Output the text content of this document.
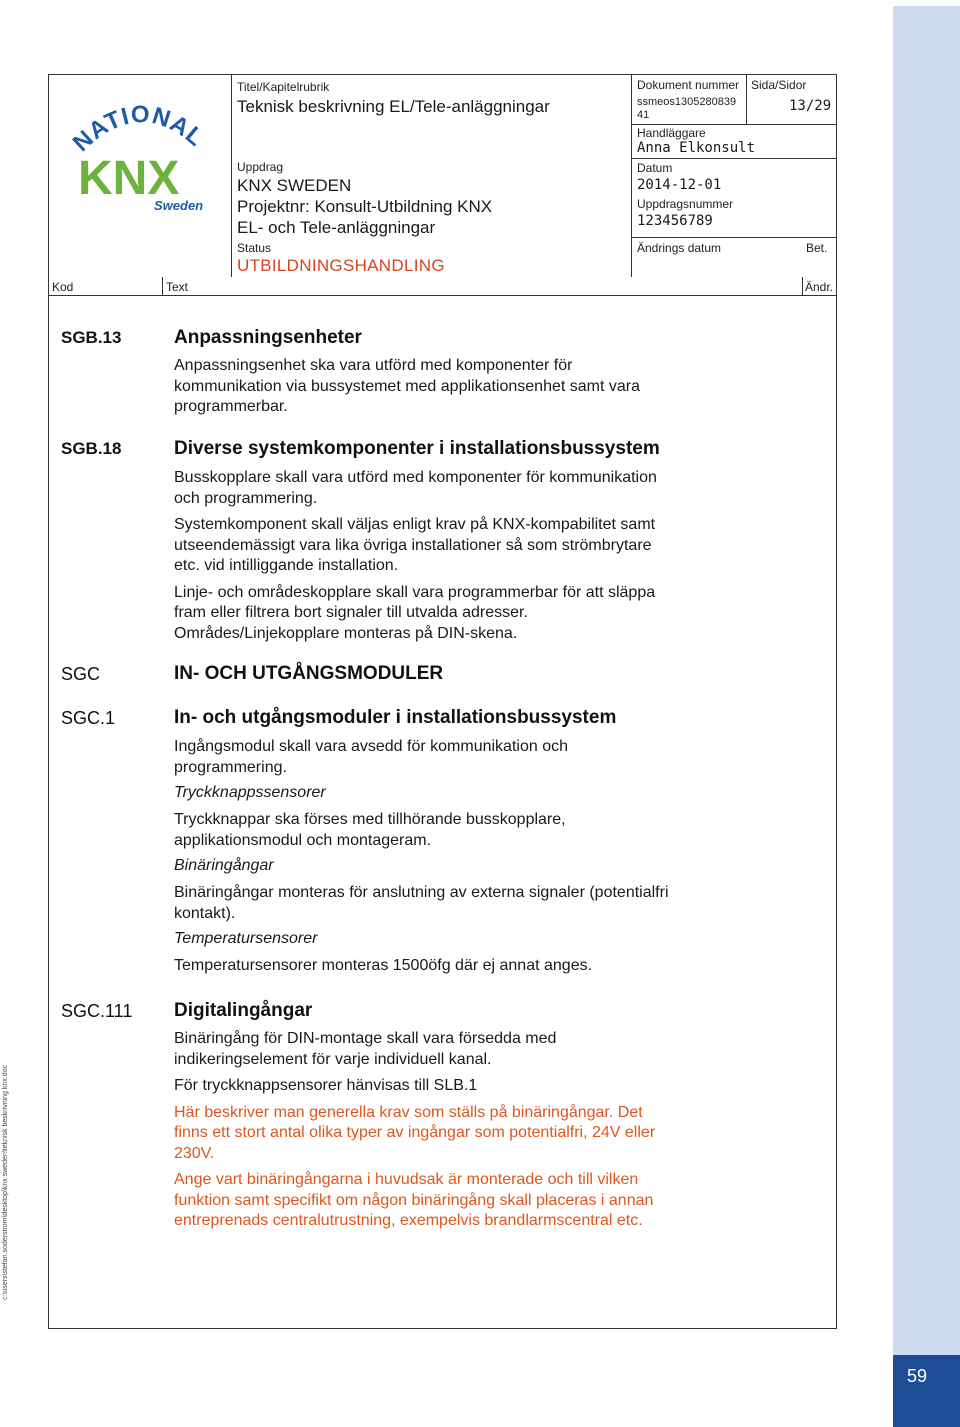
59
c:\users\stefan.soderstrom\desktop\knx sweden\teknisk beskrivning knx.doc
NATIONAL
KNX
Sweden
Titel/Kapitelrubrik
Teknisk beskrivning EL/Tele-anläggningar
Uppdrag
KNX SWEDEN
Projektnr: Konsult-Utbildning KNX
EL- och Tele-anläggningar
Status
UTBILDNINGSHANDLING
Dokument nummer
ssmeos1305280839
41
Sida/Sidor
13/29
Handläggare
Anna Elkonsult
Datum
2014-12-01
Uppdragsnummer
123456789
Ändrings datum	Bet.
Kod	Text	Ändr.
SGB.13	Anpassningsenheter
Anpassningsenhet ska vara utförd med komponenter för
kommunikation via bussystemet med applikationsenhet samt vara
programmerbar.
SGB.18	Diverse systemkomponenter i installationsbussystem
Busskopplare skall vara utförd med komponenter för kommunikation
och programmering.
Systemkomponent skall väljas enligt krav på KNX-kompabilitet samt
utseendemässigt vara lika övriga installationer så som strömbrytare
etc. vid intilliggande installation.
Linje- och områdeskopplare skall vara programmerbar för att släppa
fram eller filtrera bort signaler till utvalda adresser.
Områdes/Linjekopplare monteras på DIN-skena.
SGC	IN- OCH UTGÅNGSMODULER
SGC.1	In- och utgångsmoduler i installationsbussystem
Ingångsmodul skall vara avsedd för kommunikation och
programmering.
Tryckknappssensorer
Tryckknappar ska förses med tillhörande busskopplare,
applikationsmodul och montageram.
Binäringångar
Binäringångar monteras för anslutning av externa signaler (potentialfri
kontakt).
Temperatursensorer
Temperatursensorer monteras 1500öfg där ej annat anges.
SGC.111 Digitalingångar
Binäringång för DIN-montage skall vara försedda med
indikeringselement för varje individuell kanal.
För tryckknappsensorer hänvisas till SLB.1
Här beskriver man generella krav som ställs på binäringångar. Det
finns ett stort antal olika typer av ingångar som potentialfri, 24V eller
230V.
Ange vart binäringångarna i huvudsak är monterade och till vilken
funktion samt specifikt om någon binäringång skall placeras i annan
entreprenads centralutrustning, exempelvis brandlarmscentral etc.
